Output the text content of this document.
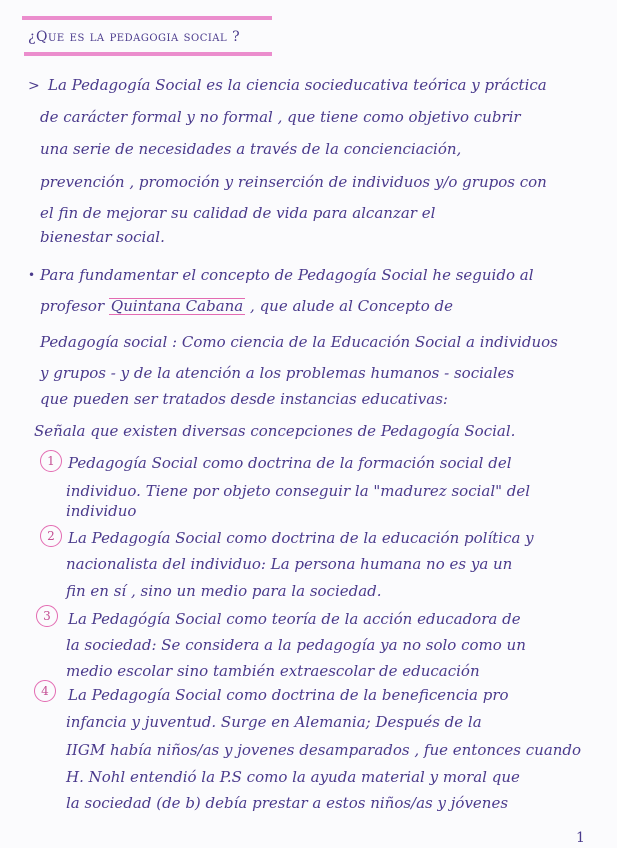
¿Que es la pedagogia social ?
> La Pedagogía Social es la ciencia socieducativa teórica y práctica
de carácter formal y no formal , que tiene como objetivo cubrir
una serie de necesidades a través de la concienciación,
prevención , promoción y reinserción de individuos y/o grupos con
el fin de mejorar su calidad de vida para alcanzar el
bienestar social.
• Para fundamentar el concepto de Pedagogía Social he seguido al
profesor Quintana Cabana , que alude al Concepto de
Pedagogía social : Como ciencia de la Educación Social a individuos
y grupos - y de la atención a los problemas humanos - sociales
que pueden ser tratados desde instancias educativas:
Señala que existen diversas concepciones de Pedagogía Social.
1 Pedagogía Social como doctrina de la formación social del
individuo. Tiene por objeto conseguir la "madurez social" del
individuo
2 La Pedagogía Social como doctrina de la educación política y
nacionalista del individuo: La persona humana no es ya un
fin en sí , sino un medio para la sociedad.
3	La Pedagógía Social como teoría de la acción educadora de
la sociedad: Se considera a la pedagogía ya no solo como un
medio escolar sino también extraescolar de educación
4	La Pedagogía Social como doctrina de la beneficencia pro
infancia y juventud. Surge en Alemania; Después de la
IIGM había niños/as y jovenes desamparados , fue entonces cuando
H. Nohl entendió la P.S como la ayuda material y moral que
la sociedad (de b) debía prestar a estos niños/as y jóvenes
1
